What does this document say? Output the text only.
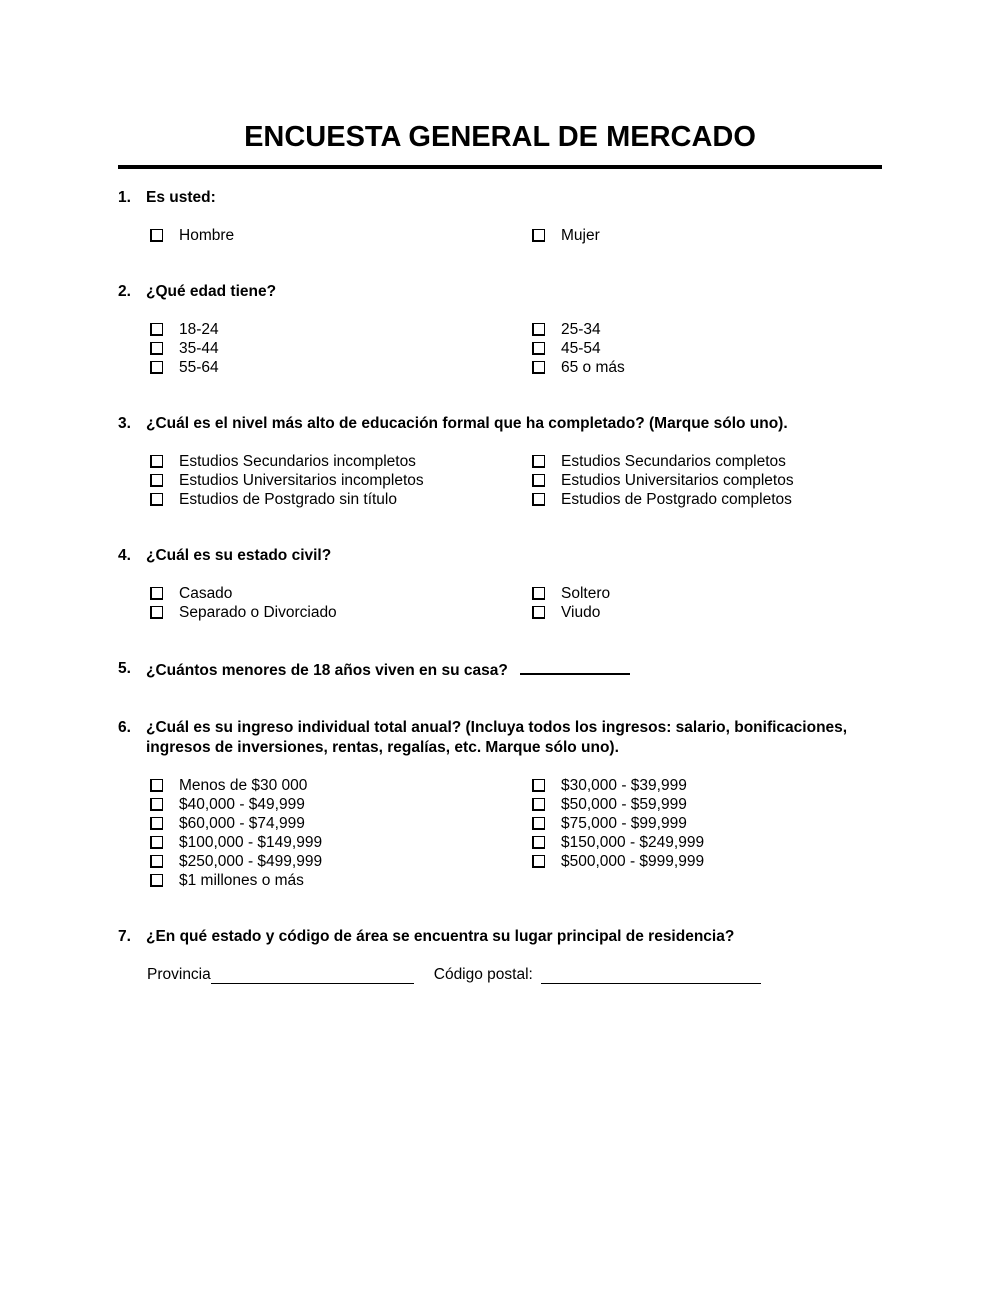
ENCUESTA GENERAL DE MERCADO
1. Es usted:
Hombre	Mujer
2. ¿Qué edad tiene?
18-24
35-44
55-64
25-34
45-54
65 o más
3. ¿Cuál es el nivel más alto de educación formal que ha completado? (Marque sólo uno).
Estudios Secundarios incompletos
Estudios Universitarios incompletos
Estudios de Postgrado sin título
Estudios Secundarios completos
Estudios Universitarios completos
Estudios de Postgrado completos
4. ¿Cuál es su estado civil?
Casado
Separado o Divorciado
Soltero
Viudo
5. ¿Cuántos menores de 18 años viven en su casa?
6. ¿Cuál es su ingreso individual total anual? (Incluya todos los ingresos: salario, bonificaciones, ingresos de inversiones, rentas, regalías, etc. Marque sólo uno).
Menos de $30 000
$40,000 - $49,999
$60,000 - $74,999
$100,000 - $149,999
$250,000 - $499,999
$1 millones o más
$30,000 - $39,999
$50,000 - $59,999
$75,000 - $99,999
$150,000 - $249,999
$500,000 - $999,999
7. ¿En qué estado y código de área se encuentra su lugar principal de residencia?
Provincia	Código postal:
